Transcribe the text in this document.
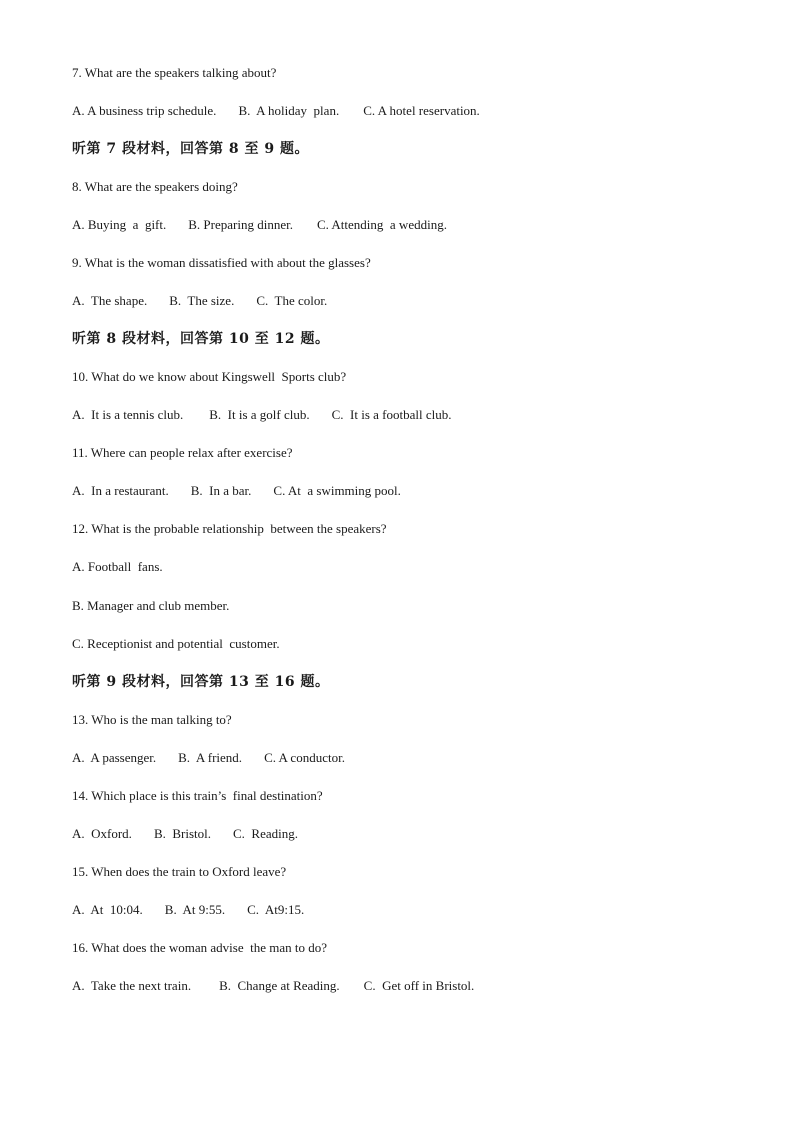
7. What are the speakers talking about?
A. A business trip schedule. B.  A holiday  plan. C. A hotel reservation.
听第 7 段材料，回答第 8 至 9 题。
8. What are the speakers doing?
A. Buying  a  gift. B. Preparing dinner. C. Attending  a wedding.
9. What is the woman dissatisfied with about the glasses?
A.  The shape. B.  The size. C.  The color.
听第 8 段材料，回答第 10 至 12 题。
10. What do we know about Kingswell  Sports club?
A.  It is a tennis club. B.  It is a golf club. C.  It is a football club.
11. Where can people relax after exercise?
A.  In a restaurant. B.  In a bar. C. At  a swimming pool.
12. What is the probable relationship  between the speakers?
A. Football  fans.
B. Manager and club member.
C. Receptionist and potential  customer.
听第 9 段材料，回答第 13 至 16 题。
13. Who is the man talking to?
A.  A passenger. B.  A friend. C. A conductor.
14. Which place is this train’s  final destination?
A.  Oxford. B.  Bristol. C.  Reading.
15. When does the train to Oxford leave?
A.  At  10:04. B.  At 9:55. C.  At9:15.
16. What does the woman advise  the man to do?
A.  Take the next train. B.  Change at Reading. C.  Get off in Bristol.
